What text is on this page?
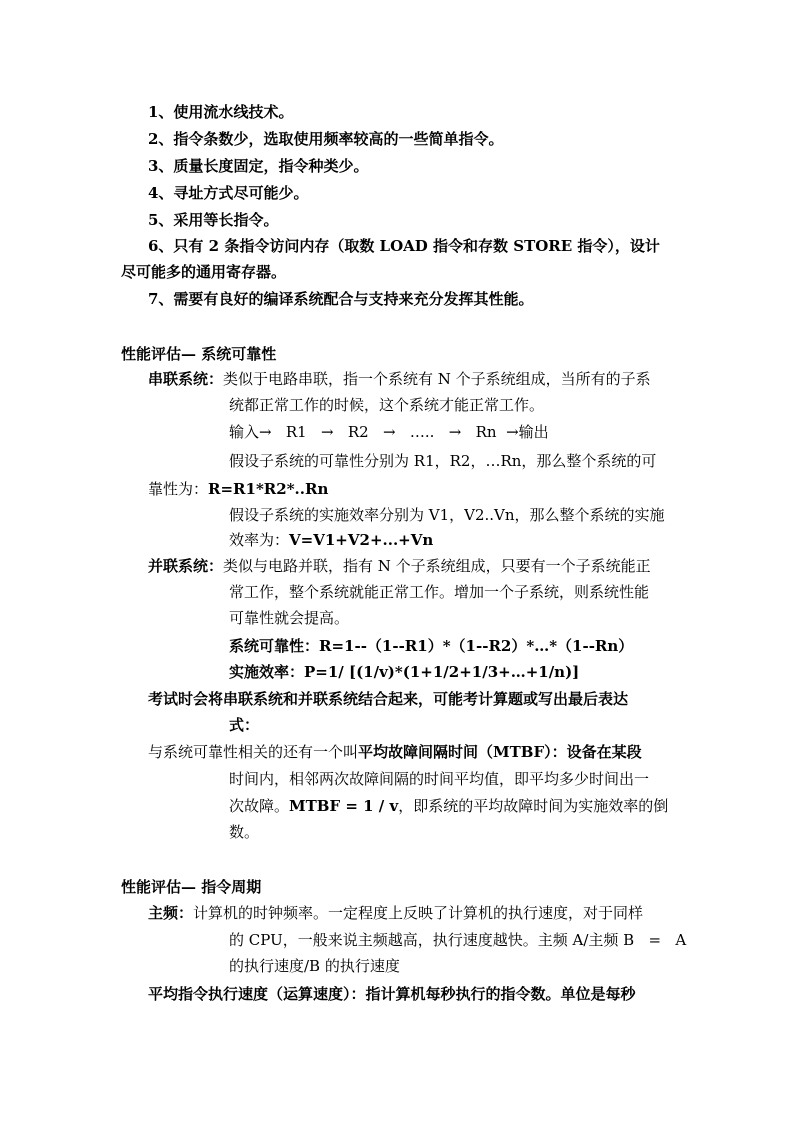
1、使用流水线技术。
2、指令条数少，选取使用频率较高的一些简单指令。
3、质量长度固定，指令种类少。
4、寻址方式尽可能少。
5、采用等长指令。
6、只有 2 条指令访问内存（取数 LOAD 指令和存数 STORE 指令），设计
尽可能多的通用寄存器。
7、需要有良好的编译系统配合与支持来充分发挥其性能。
性能评估— 系统可靠性
串联系统：类似于电路串联，指一个系统有 N 个子系统组成，当所有的子系
统都正常工作的时候，这个系统才能正常工作。
输入→   R1   →   R2   →   …..   →   Rn  →输出
假设子系统的可靠性分别为 R1，R2，…Rn，那么整个系统的可
靠性为：R=R1*R2*..Rn
假设子系统的实施效率分别为 V1，V2..Vn，那么整个系统的实施
效率为：V=V1+V2+...+Vn
并联系统：类似与电路并联，指有 N 个子系统组成，只要有一个子系统能正
常工作，整个系统就能正常工作。增加一个子系统，则系统性能
可靠性就会提高。
系统可靠性：R=1--（1--R1）*（1--R2）*…*（1--Rn）
实施效率：P=1/ [(1/v)*(1+1/2+1/3+…+1/n)]
考试时会将串联系统和并联系统结合起来，可能考计算题或写出最后表达
式：
与系统可靠性相关的还有一个叫平均故障间隔时间（MTBF）：设备在某段
时间内，相邻两次故障间隔的时间平均值，即平均多少时间出一
次故障。MTBF = 1 / v，即系统的平均故障时间为实施效率的倒
数。
性能评估— 指令周期
主频：计算机的时钟频率。一定程度上反映了计算机的执行速度，对于同样
的 CPU，一般来说主频越高，执行速度越快。主频 A/主频 B   =   A
的执行速度/B 的执行速度
平均指令执行速度（运算速度）：指计算机每秒执行的指令数。单位是每秒
